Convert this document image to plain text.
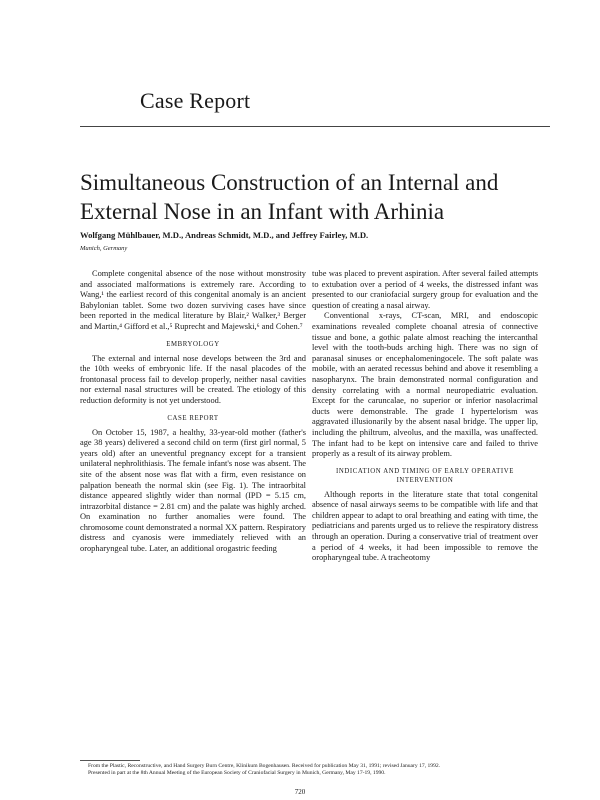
Case Report
Simultaneous Construction of an Internal and External Nose in an Infant with Arhinia
Wolfgang Mühlbauer, M.D., Andreas Schmidt, M.D., and Jeffrey Fairley, M.D.
Munich, Germany

Complete congenital absence of the nose without monstrosity and associated malformations is extremely rare. According to Wang,¹ the earliest record of this congenital anomaly is an ancient Babylonian tablet. Some two dozen surviving cases have since been reported in the medical literature by Blair,² Walker,³ Berger and Martin,⁴ Gifford et al.,⁵ Ruprecht and Majewski,⁶ and Cohen.⁷

EMBRYOLOGY

The external and internal nose develops between the 3rd and the 10th weeks of embryonic life. If the nasal placodes of the frontonasal process fail to develop properly, neither nasal cavities nor external nasal structures will be created. The etiology of this reduction deformity is not yet understood.

CASE REPORT

On October 15, 1987, a healthy, 33-year-old mother (father's age 38 years) delivered a second child on term (first girl normal, 5 years old) after an uneventful pregnancy except for a transient unilateral nephrolithiasis. The female infant's nose was absent. The site of the absent nose was flat with a firm, even resistance on palpation beneath the normal skin (see Fig. 1). The intraorbital distance appeared slightly wider than normal (IPD = 5.15 cm, intrazorbital distance = 2.81 cm) and the palate was highly arched. On examination no further anomalies were found. The chromosome count demonstrated a normal XX pattern. Respiratory distress and cyanosis were immediately relieved with an oropharyngeal tube. Later, an additional orogastric feeding

tube was placed to prevent aspiration. After several failed attempts to extubation over a period of 4 weeks, the distressed infant was presented to our craniofacial surgery group for evaluation and the question of creating a nasal airway.

Conventional x-rays, CT-scan, MRI, and endoscopic examinations revealed complete choanal atresia of connective tissue and bone, a gothic palate almost reaching the intercanthal level with the tooth-buds arching high. There was no sign of paranasal sinuses or encephalomeningocele. The soft palate was mobile, with an aerated recessus behind and above it resembling a nasopharynx. The brain demonstrated normal configuration and density correlating with a normal neuropediatric evaluation. Except for the caruncalae, no superior or inferior nasolacrimal ducts were demonstrable. The grade I hypertelorism was aggravated illusionarily by the absent nasal bridge. The upper lip, including the philtrum, alveolus, and the maxilla, was unaffected. The infant had to be kept on intensive care and failed to thrive properly as a result of its airway problem.

INDICATION AND TIMING OF EARLY OPERATIVE INTERVENTION

Although reports in the literature state that total congenital absence of nasal airways seems to be compatible with life and that children appear to adapt to oral breathing and eating with time, the pediatricians and parents urged us to relieve the respiratory distress through an operation. During a conservative trial of treatment over a period of 4 weeks, it had been impossible to remove the oropharyngeal tube. A tracheotomy

From the Plastic, Reconstructive, and Hand Surgery Burn Centre, Klinikum Bogenhausen. Received for publication May 31, 1991; revised January 17, 1992.

Presented in part at the 8th Annual Meeting of the European Society of Craniofacial Surgery in Munich, Germany, May 17-19, 1990.

720
